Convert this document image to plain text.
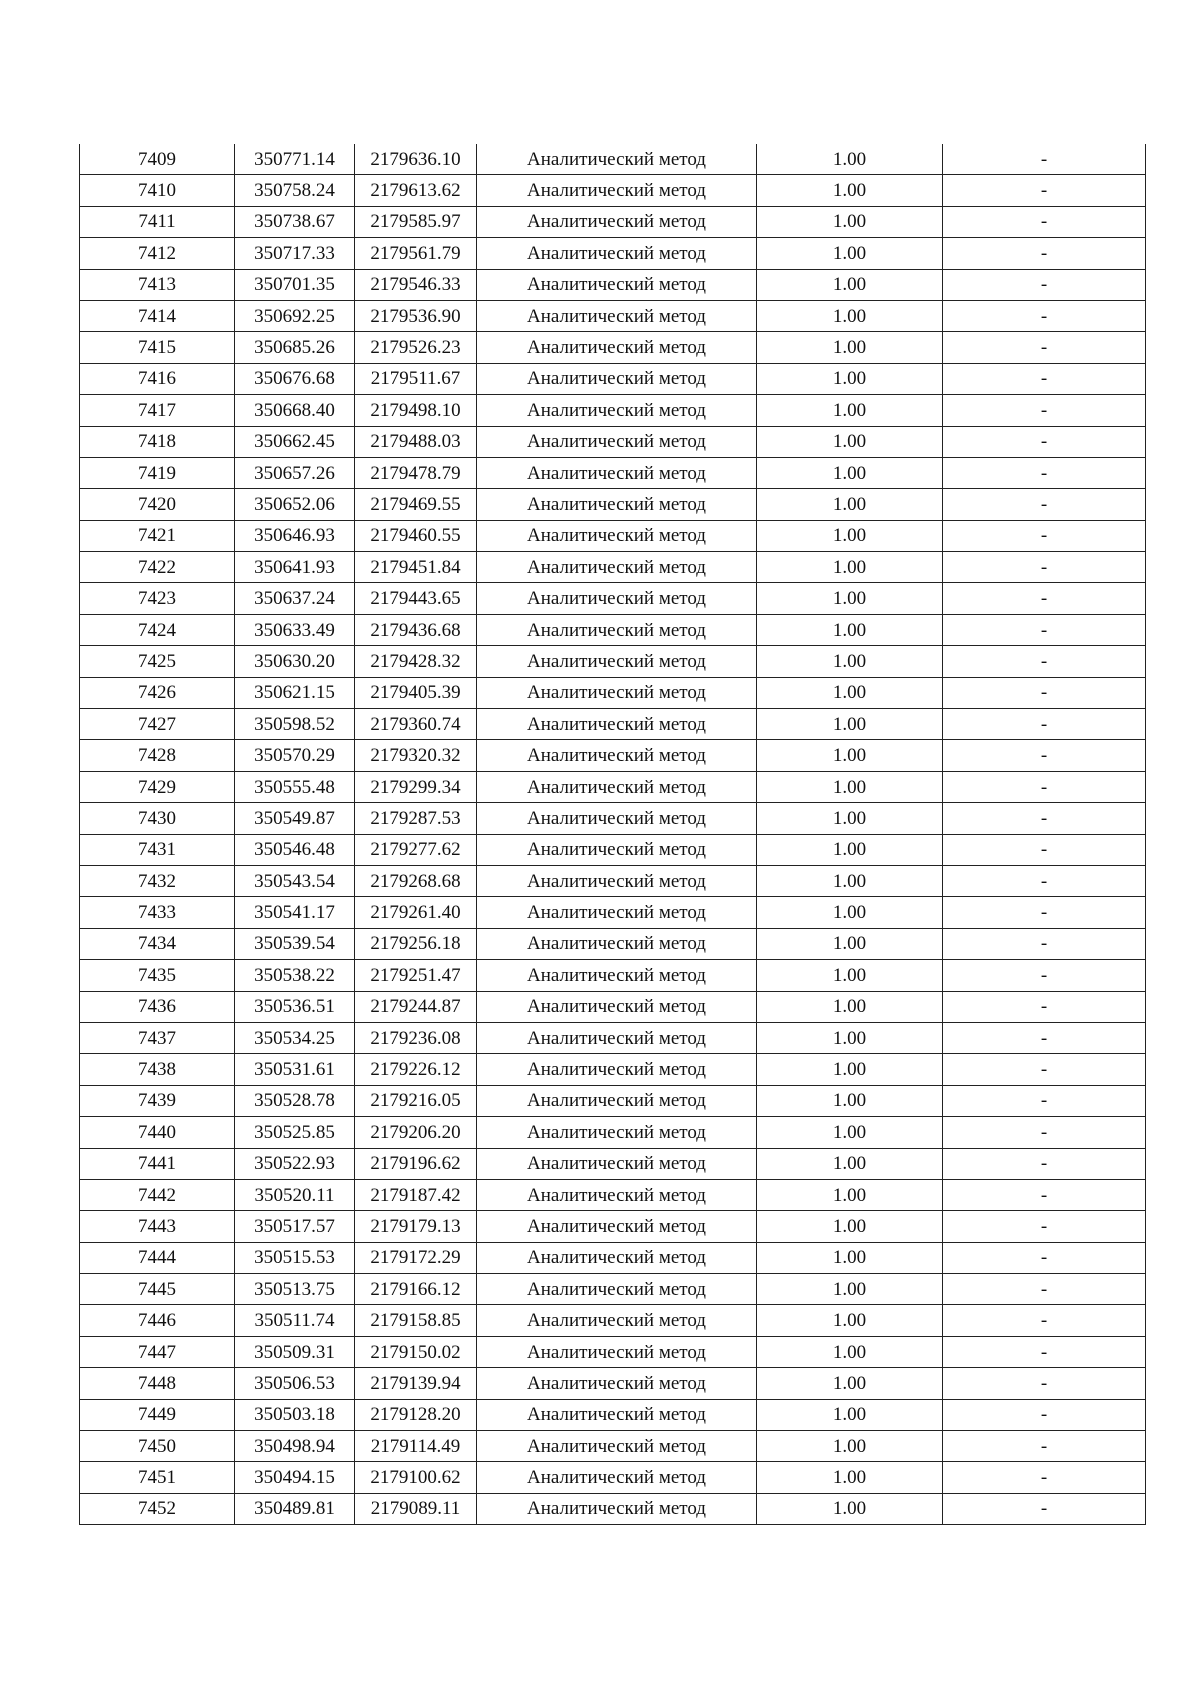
7409	350771.14	2179636.10	Аналитический метод	1.00	-
7410	350758.24	2179613.62	Аналитический метод	1.00	-
7411	350738.67	2179585.97	Аналитический метод	1.00	-
7412	350717.33	2179561.79	Аналитический метод	1.00	-
7413	350701.35	2179546.33	Аналитический метод	1.00	-
7414	350692.25	2179536.90	Аналитический метод	1.00	-
7415	350685.26	2179526.23	Аналитический метод	1.00	-
7416	350676.68	2179511.67	Аналитический метод	1.00	-
7417	350668.40	2179498.10	Аналитический метод	1.00	-
7418	350662.45	2179488.03	Аналитический метод	1.00	-
7419	350657.26	2179478.79	Аналитический метод	1.00	-
7420	350652.06	2179469.55	Аналитический метод	1.00	-
7421	350646.93	2179460.55	Аналитический метод	1.00	-
7422	350641.93	2179451.84	Аналитический метод	1.00	-
7423	350637.24	2179443.65	Аналитический метод	1.00	-
7424	350633.49	2179436.68	Аналитический метод	1.00	-
7425	350630.20	2179428.32	Аналитический метод	1.00	-
7426	350621.15	2179405.39	Аналитический метод	1.00	-
7427	350598.52	2179360.74	Аналитический метод	1.00	-
7428	350570.29	2179320.32	Аналитический метод	1.00	-
7429	350555.48	2179299.34	Аналитический метод	1.00	-
7430	350549.87	2179287.53	Аналитический метод	1.00	-
7431	350546.48	2179277.62	Аналитический метод	1.00	-
7432	350543.54	2179268.68	Аналитический метод	1.00	-
7433	350541.17	2179261.40	Аналитический метод	1.00	-
7434	350539.54	2179256.18	Аналитический метод	1.00	-
7435	350538.22	2179251.47	Аналитический метод	1.00	-
7436	350536.51	2179244.87	Аналитический метод	1.00	-
7437	350534.25	2179236.08	Аналитический метод	1.00	-
7438	350531.61	2179226.12	Аналитический метод	1.00	-
7439	350528.78	2179216.05	Аналитический метод	1.00	-
7440	350525.85	2179206.20	Аналитический метод	1.00	-
7441	350522.93	2179196.62	Аналитический метод	1.00	-
7442	350520.11	2179187.42	Аналитический метод	1.00	-
7443	350517.57	2179179.13	Аналитический метод	1.00	-
7444	350515.53	2179172.29	Аналитический метод	1.00	-
7445	350513.75	2179166.12	Аналитический метод	1.00	-
7446	350511.74	2179158.85	Аналитический метод	1.00	-
7447	350509.31	2179150.02	Аналитический метод	1.00	-
7448	350506.53	2179139.94	Аналитический метод	1.00	-
7449	350503.18	2179128.20	Аналитический метод	1.00	-
7450	350498.94	2179114.49	Аналитический метод	1.00	-
7451	350494.15	2179100.62	Аналитический метод	1.00	-
7452	350489.81	2179089.11	Аналитический метод	1.00	-
